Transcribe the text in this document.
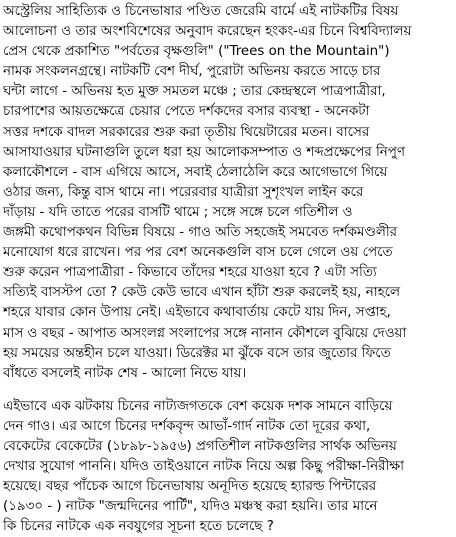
অস্ট্রেলিয় সাহিত্যিক ও চিনেভাষার পণ্ডিত জেরেমি বার্মে এই নাটকটির বিষয়
আলোচনা ও তার অংশবিশেষের অনুবাদ করেছেন হংকং-এর চিনে বিশ্ববিদ্যালয়
প্রেস থেকে প্রকাশিত "পর্বতের বৃক্ষগুলি" ("Trees on the Mountain")
নামক সংকলনগ্রন্থে। নাটকটি বেশ দীর্ঘ, পুরোটা অভিনয় করতে সাড়ে চার
ঘন্টা লাগে - অভিনয় হত মুক্ত সমতল মঞ্চে ; তার কেন্দ্রস্থলে পাত্রপাত্রীরা,
চারপাশের আয়তক্ষেত্রে চেয়ার পেতে দর্শকদের বসার ব্যবস্থা - অনেকটা
সত্তর দশকে বাদল সরকারের শুরু করা তৃতীয় থিয়েটারের মতন। বাসের
আসাযাওয়ার ঘটনাগুলি তুলে ধরা হয় আলোকসম্পাত ও শব্দপ্রক্ষেপের নিপুণ
কলাকৌশলে - বাস এগিয়ে আসে, সবাই ঠেলাঠেলি করে আগেভাগে গিয়ে
ওঠার জন্য, কিন্তু বাস থামে না। পরেরবার যাত্রীরা সুশৃংখল লাইন করে
দাঁড়ায় - যদি তাতে পরের বাসটি থামে ; সঙ্গে সঙ্গে চলে গতিশীল ও
জঙ্গমী কথোপকথন বিভিন্ন বিষয়ে - গাও অতি সহজেই সমবেত দর্শকমণ্ডলীর
মনোযোগ ধরে রাখেন। পর পর বেশ অনেকগুলি বাস চলে গেলে ওয় পেতে
শুরু করেন পাত্রপাত্রীরা - কিভাবে তাঁদের শহরে যাওয়া হবে ? এটা সত্যি
সত্যিই বাসস্টপ তো ? কেউ কেউ ভাবে এখান হাঁটা শুরু করলেই হয়, নাহলে
শহরে যাবার কোন উপায় নেই। এইভাবে কথাবার্তায় কেটে যায় দিন, সপ্তাহ,
মাস ও বছর - আপাত অসংলগ্ন সংলাপের সঙ্গে নানান কৌশলে বুঝিয়ে দেওয়া
হয় সময়ের অন্তহীন চলে যাওয়া। ডিরেক্টর মা ঝুঁকে বসে তার জুতোর ফিতে
বাঁধতে বসলেই নাটক শেষ - আলো নিভে যায়।
এইভাবে এক ঝটকায় চিনের নাট্যজগতকে বেশ কয়েক দশক সামনে বাড়িয়ে
দেন গাও। এর আগে চিনের দর্শকবৃন্দ আভাঁ-গার্দ নাটক তো দূরের কথা,
বেকেটের বেকেটের (১৮৯৮-১৯৫৬) প্রগতিশীল নাটকগুলির সার্থক অভিনয়
দেখার সুযোগ পাননি। যদিও তাইওয়ানে নাটক নিয়ে অল্প কিছু পরীক্ষা-নিরীক্ষা
হয়েছে। বছর পাঁচেক আগে চিনেভাষায় অনূদিত হয়েছে হ্যারল্ড পিন্টারের
(১৯৩০ - ) নাটক "জন্মদিনের পার্টি", যদিও মঞ্চস্থ করা হয়নি। তার মানে
কি চিনের নাটকে এক নবযুগের সূচনা হতে চলেছে ?
